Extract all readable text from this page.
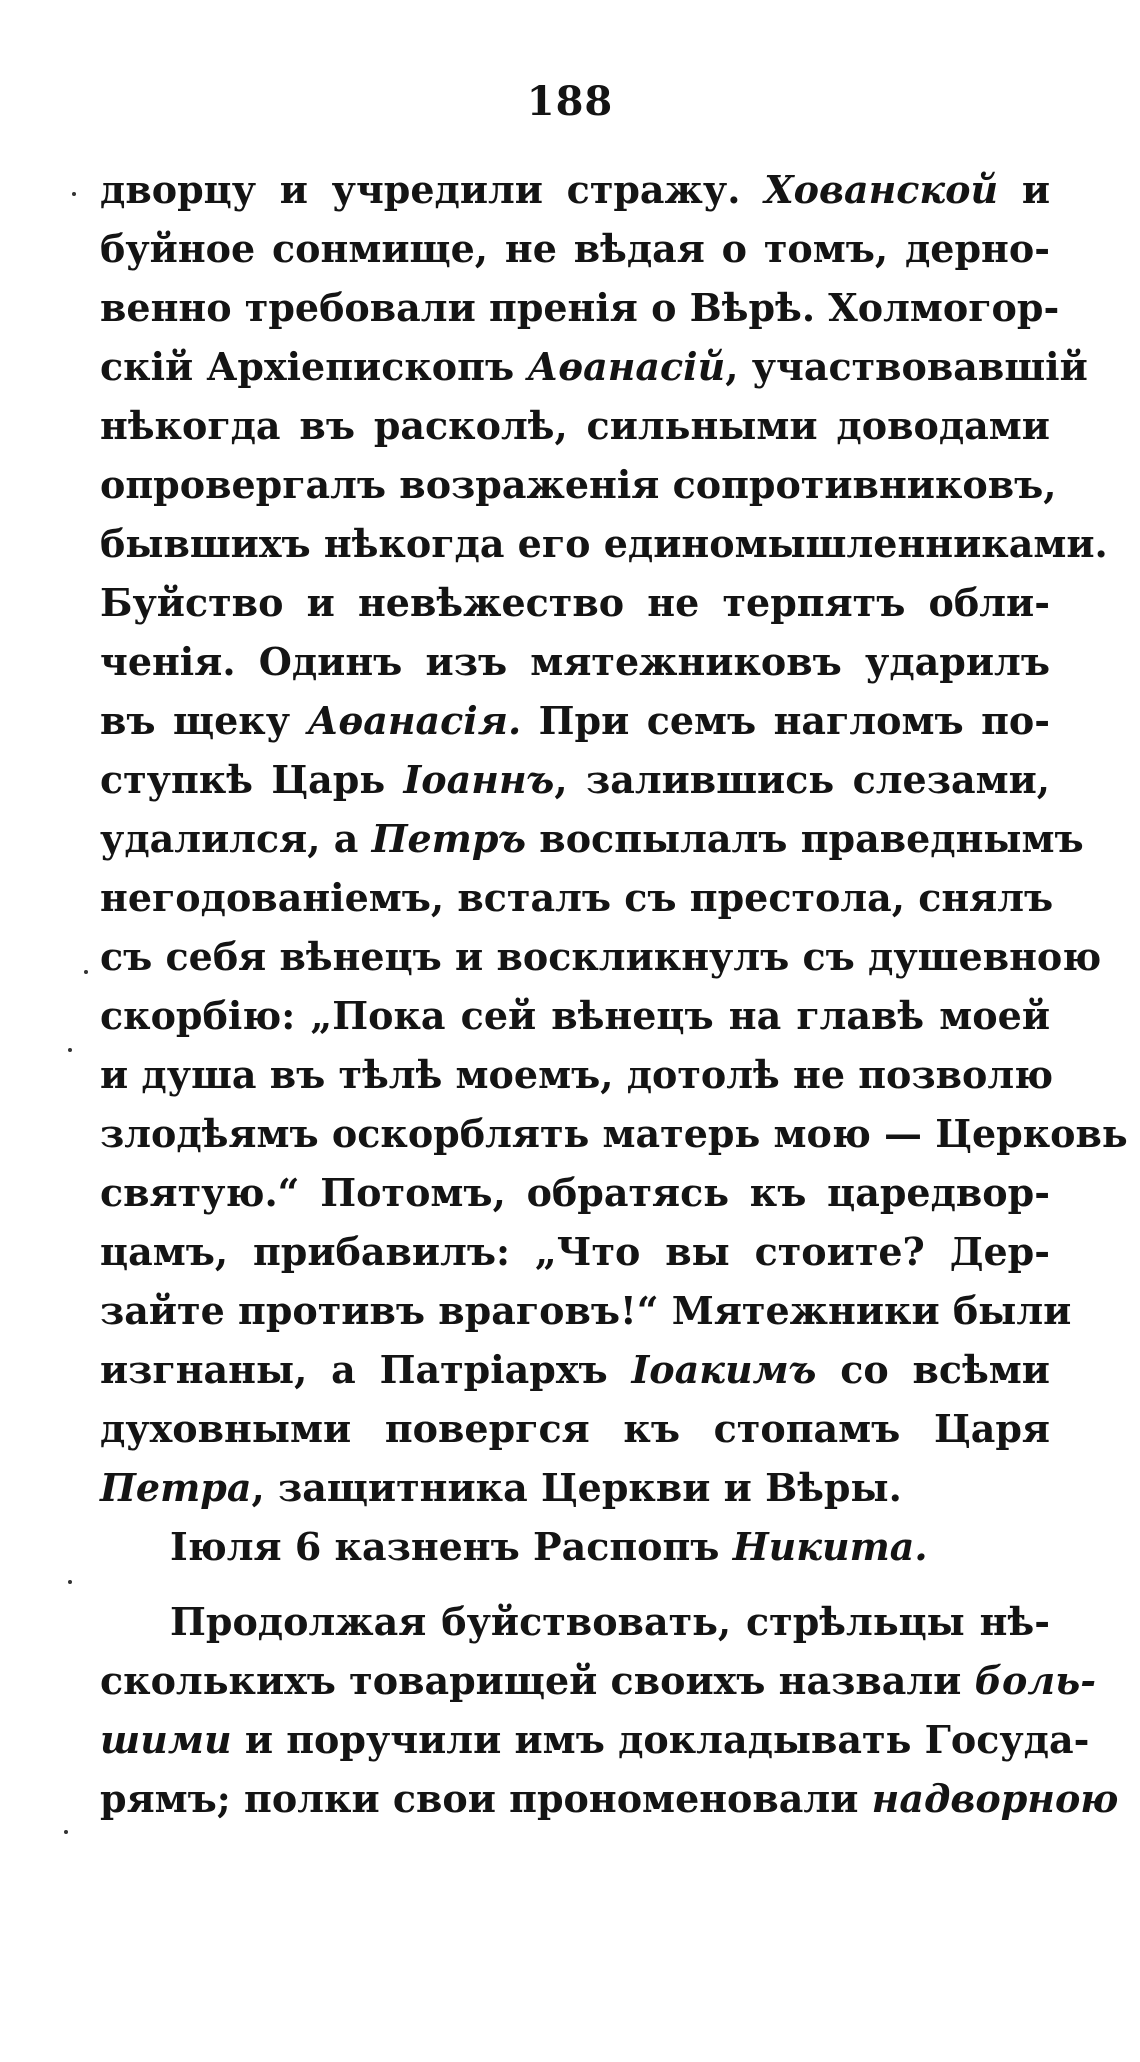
188
дворцу и учредили стражу. Хованской и
буйное сонмище, не вѣдая о томъ, дерно-
венно требовали пренія о Вѣрѣ. Холмогор-
скій Архіепископъ Аѳанасій, участвовавшій
нѣкогда въ расколѣ, сильными доводами
опровергалъ возраженія сопротивниковъ,
бывшихъ нѣкогда его единомышленниками.
Буйство и невѣжество не терпятъ обли-
ченія. Одинъ изъ мятежниковъ ударилъ
въ щеку Аѳанасія. При семъ нагломъ по-
ступкѣ Царь Іоаннъ, залившись слезами,
удалился, а Петръ воспылалъ праведнымъ
негодованіемъ, вcталъ съ престола, снялъ
съ себя вѣнецъ и воскликнулъ съ душевною
скорбію: „Пока сей вѣнецъ на главѣ моей
и душа въ тѣлѣ моемъ, дотолѣ не позволю
злодѣямъ оскорблять матерь мою — Церковь
святую.“ Потомъ, обратясь къ царедвор-
цамъ, прибавилъ: „Что вы стоите? Дер-
зайте противъ враговъ!“ Мятежники были
изгнаны, а Патріархъ Іоакимъ со всѣми
духовными повергся къ стопамъ Царя
Петра, защитника Церкви и Вѣры.
Іюля 6 казненъ Распопъ Никита.
Продолжая буйствовать, стрѣльцы нѣ-
сколькихъ товарищей своихъ назвали боль-
шими и поручили имъ докладывать Госуда-
рямъ; полки свои прономеновали надворною
